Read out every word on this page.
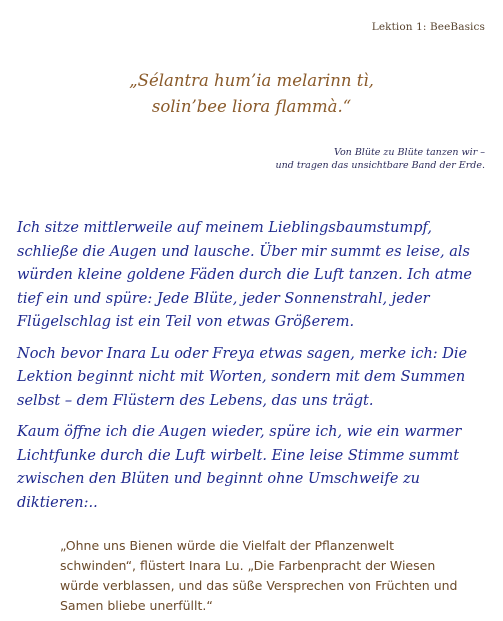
Lektion 1: BeeBasics
„Sélantra hum’ia melarinn tì,
solin’bee liora flammà.“
Von Blüte zu Blüte tanzen wir –
und tragen das unsichtbare Band der Erde.

Ich sitze mittlerweile auf meinem Lieblingsbaumstumpf, schließe die Augen und lausche. Über mir summt es leise, als würden kleine goldene Fäden durch die Luft tanzen. Ich atme tief ein und spüre: Jede Blüte, jeder Sonnenstrahl, jeder Flügelschlag ist ein Teil von etwas Größerem.

Noch bevor Inara Lu oder Freya etwas sagen, merke ich: Die Lektion beginnt nicht mit Worten, sondern mit dem Summen selbst – dem Flüstern des Lebens, das uns trägt.

Kaum öffne ich die Augen wieder, spüre ich, wie ein warmer Lichtfunke durch die Luft wirbelt. Eine leise Stimme summt zwischen den Blüten und beginnt ohne Umschweife zu diktieren:..

„Ohne uns Bienen würde die Vielfalt der Pflanzenwelt schwinden“, flüstert Inara Lu. „Die Farbenpracht der Wiesen würde verblassen, und das süße Versprechen von Früchten und Samen bliebe unerfüllt.“
